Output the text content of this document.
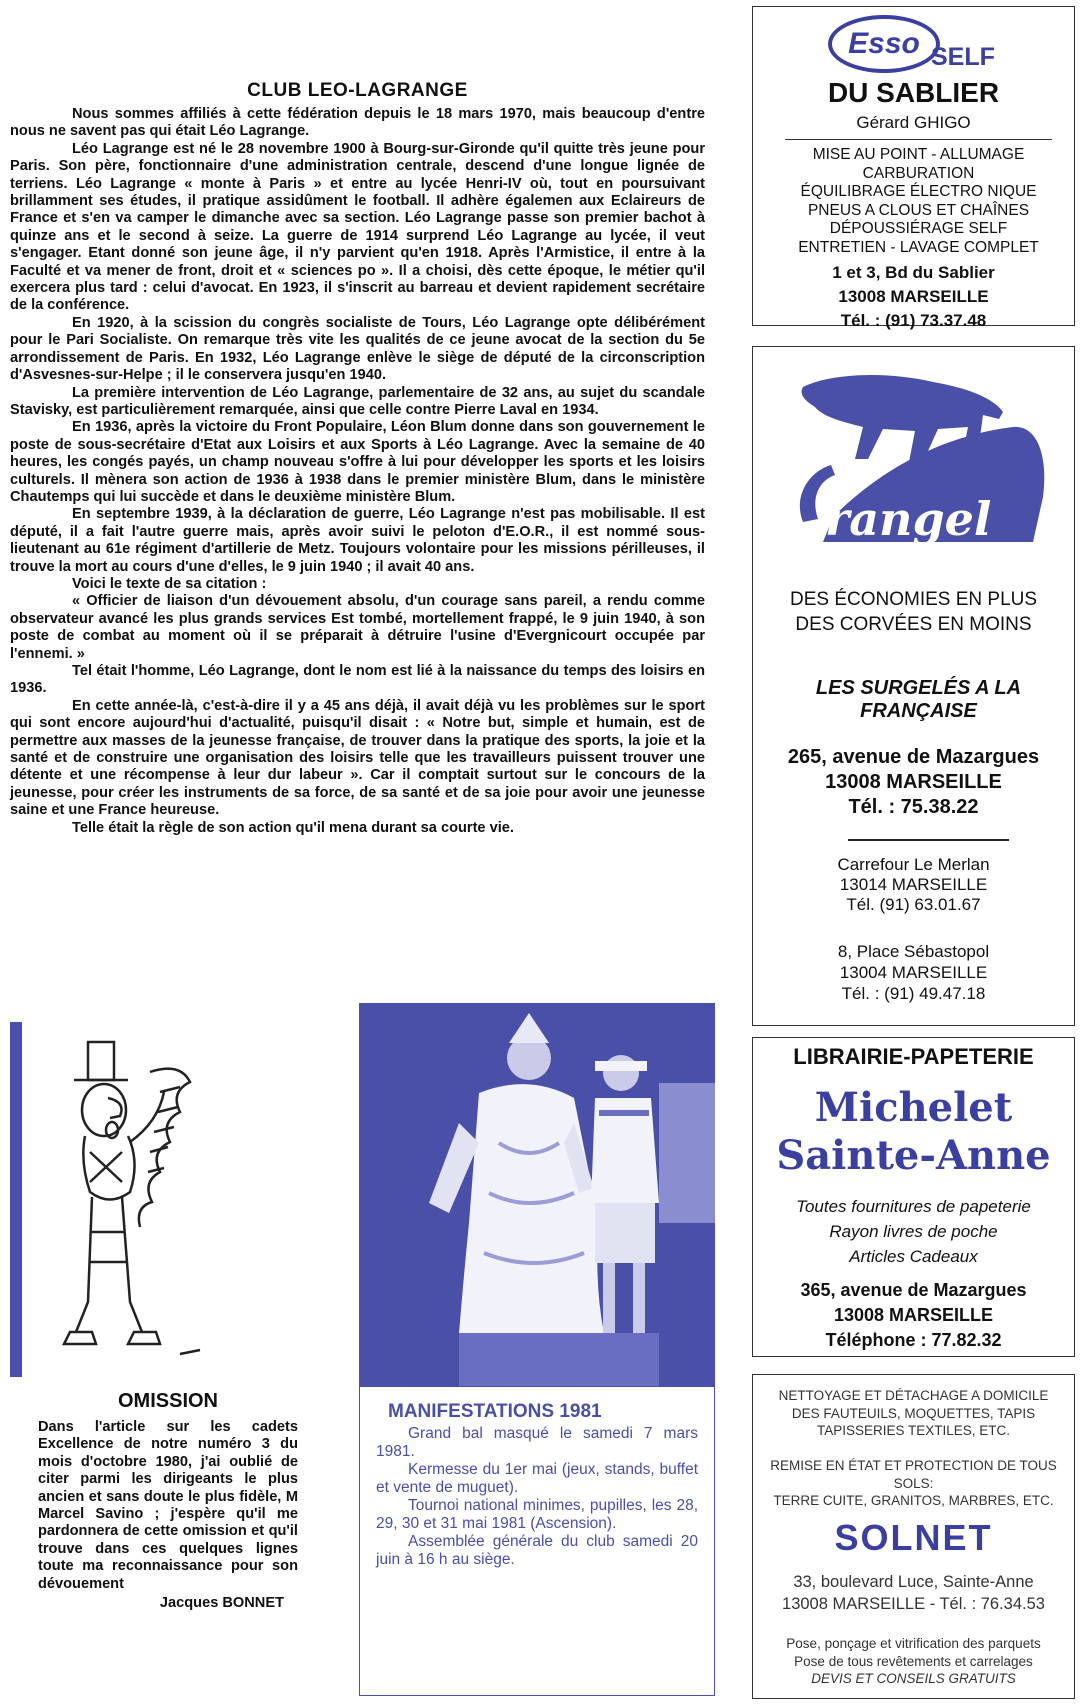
CLUB LEO-LAGRANGE

Nous sommes affiliés à cette fédération depuis le 18 mars 1970, mais beaucoup d'entre nous ne savent pas qui était Léo Lagrange.

Léo Lagrange est né le 28 novembre 1900 à Bourg-sur-Gironde qu'il quitte très jeune pour Paris. Son père, fonctionnaire d'une administration centrale, descend d'une longue lignée de terriens. Léo Lagrange « monte à Paris » et entre au lycée Henri-IV où, tout en poursuivant brillamment ses études, il pratique assidûment le football. Il adhère égalemen aux Eclaireurs de France et s'en va camper le dimanche avec sa section. Léo Lagrange passe son premier bachot à quinze ans et le second à seize. La guerre de 1914 surprend Léo Lagrange au lycée, il veut s'engager. Etant donné son jeune âge, il n'y parvient qu'en 1918. Après l'Armistice, il entre à la Faculté et va mener de front, droit et « sciences po ». Il a choisi, dès cette époque, le métier qu'il exercera plus tard : celui d'avocat. En 1923, il s'inscrit au barreau et devient rapidement secrétaire de la conférence.

En 1920, à la scission du congrès socialiste de Tours, Léo Lagrange opte délibérément pour le Pari Socialiste. On remarque très vite les qualités de ce jeune avocat de la section du 5e arrondissement de Paris. En 1932, Léo Lagrange enlève le siège de député de la circonscription d'Asvesnes-sur-Helpe ; il le conservera jusqu'en 1940.

La première intervention de Léo Lagrange, parlementaire de 32 ans, au sujet du scandale Stavisky, est particulièrement remarquée, ainsi que celle contre Pierre Laval en 1934.

En 1936, après la victoire du Front Populaire, Léon Blum donne dans son gouvernement le poste de sous-secrétaire d'Etat aux Loisirs et aux Sports à Léo Lagrange. Avec la semaine de 40 heures, les congés payés, un champ nouveau s'offre à lui pour développer les sports et les loisirs culturels. Il mènera son action de 1936 à 1938 dans le premier ministère Blum, dans le ministère Chautemps qui lui succède et dans le deuxième ministère Blum.

En septembre 1939, à la déclaration de guerre, Léo Lagrange n'est pas mobilisable. Il est député, il a fait l'autre guerre mais, après avoir suivi le peloton d'E.O.R., il est nommé sous-lieutenant au 61e régiment d'artillerie de Metz. Toujours volontaire pour les missions périlleuses, il trouve la mort au cours d'une d'elles, le 9 juin 1940 ; il avait 40 ans.

Voici le texte de sa citation :

« Officier de liaison d'un dévouement absolu, d'un courage sans pareil, a rendu comme observateur avancé les plus grands services Est tombé, mortellement frappé, le 9 juin 1940, à son poste de combat au moment où il se préparait à détruire l'usine d'Evergnicourt occupée par l'ennemi. »

Tel était l'homme, Léo Lagrange, dont le nom est lié à la naissance du temps des loisirs en 1936.

En cette année-là, c'est-à-dire il y a 45 ans déjà, il avait déjà vu les problèmes sur le sport qui sont encore aujourd'hui d'actualité, puisqu'il disait : « Notre but, simple et humain, est de permettre aux masses de la jeunesse française, de trouver dans la pratique des sports, la joie et la santé et de construire une organisation des loisirs telle que les travailleurs puissent trouver une détente et une récompense à leur dur labeur ». Car il comptait surtout sur le concours de la jeunesse, pour créer les instruments de sa force, de sa santé et de sa joie pour avoir une jeunesse saine et une France heureuse.

Telle était la règle de son action qu'il mena durant sa courte vie.

Esso SELF
DU SABLIER
Gérard GHIGO
MISE AU POINT - ALLUMAGE
CARBURATION
ÉQUILIBRAGE ÉLECTRO NIQUE
PNEUS A CLOUS ET CHAÎNES
DÉPOUSSIÉRAGE SELF
ENTRETIEN - LAVAGE COMPLET
1 et 3, Bd du Sablier
13008 MARSEILLE
Tél. : (91) 73.37.48
rangel
DES ÉCONOMIES EN PLUS
DES CORVÉES EN MOINS
LES SURGELÉS A LA FRANÇAISE
265, avenue de Mazargues
13008 MARSEILLE
Tél. : 75.38.22
Carrefour Le Merlan
13014 MARSEILLE
Tél. (91) 63.01.67
8, Place Sébastopol
13004 MARSEILLE
Tél. : (91) 49.47.18
LIBRAIRIE-PAPETERIE
Michelet
Sainte-Anne
Toutes fournitures de papeterie
Rayon livres de poche
Articles Cadeaux
365, avenue de Mazargues
13008 MARSEILLE
Téléphone : 77.82.32
NETTOYAGE ET DÉTACHAGE A DOMICILE
DES FAUTEUILS, MOQUETTES, TAPIS
TAPISSERIES TEXTILES, ETC.
REMISE EN ÉTAT ET PROTECTION DE TOUS SOLS:
TERRE CUITE, GRANITOS, MARBRES, ETC.
SOLNET
33, boulevard Luce, Sainte-Anne
13008 MARSEILLE - Tél. : 76.34.53
Pose, ponçage et vitrification des parquets
Pose de tous revêtements et carrelages
DEVIS ET CONSEILS GRATUITS
OMISSION

Dans l'article sur les cadets Excellence de notre numéro 3 du mois d'octobre 1980, j'ai oublié de citer parmi les dirigeants le plus ancien et sans doute le plus fidèle, M Marcel Savino ; j'espère qu'il me pardonnera de cette omission et qu'il trouve dans ces quelques lignes toute ma reconnaissance pour son dévouement

Jacques BONNET

MANIFESTATIONS 1981

Grand bal masqué le samedi 7 mars 1981.

Kermesse du 1er mai (jeux, stands, buffet et vente de muguet).

Tournoi national minimes, pupilles, les 28, 29, 30 et 31 mai 1981 (Ascension).

Assemblée générale du club samedi 20 juin à 16 h au siège.
